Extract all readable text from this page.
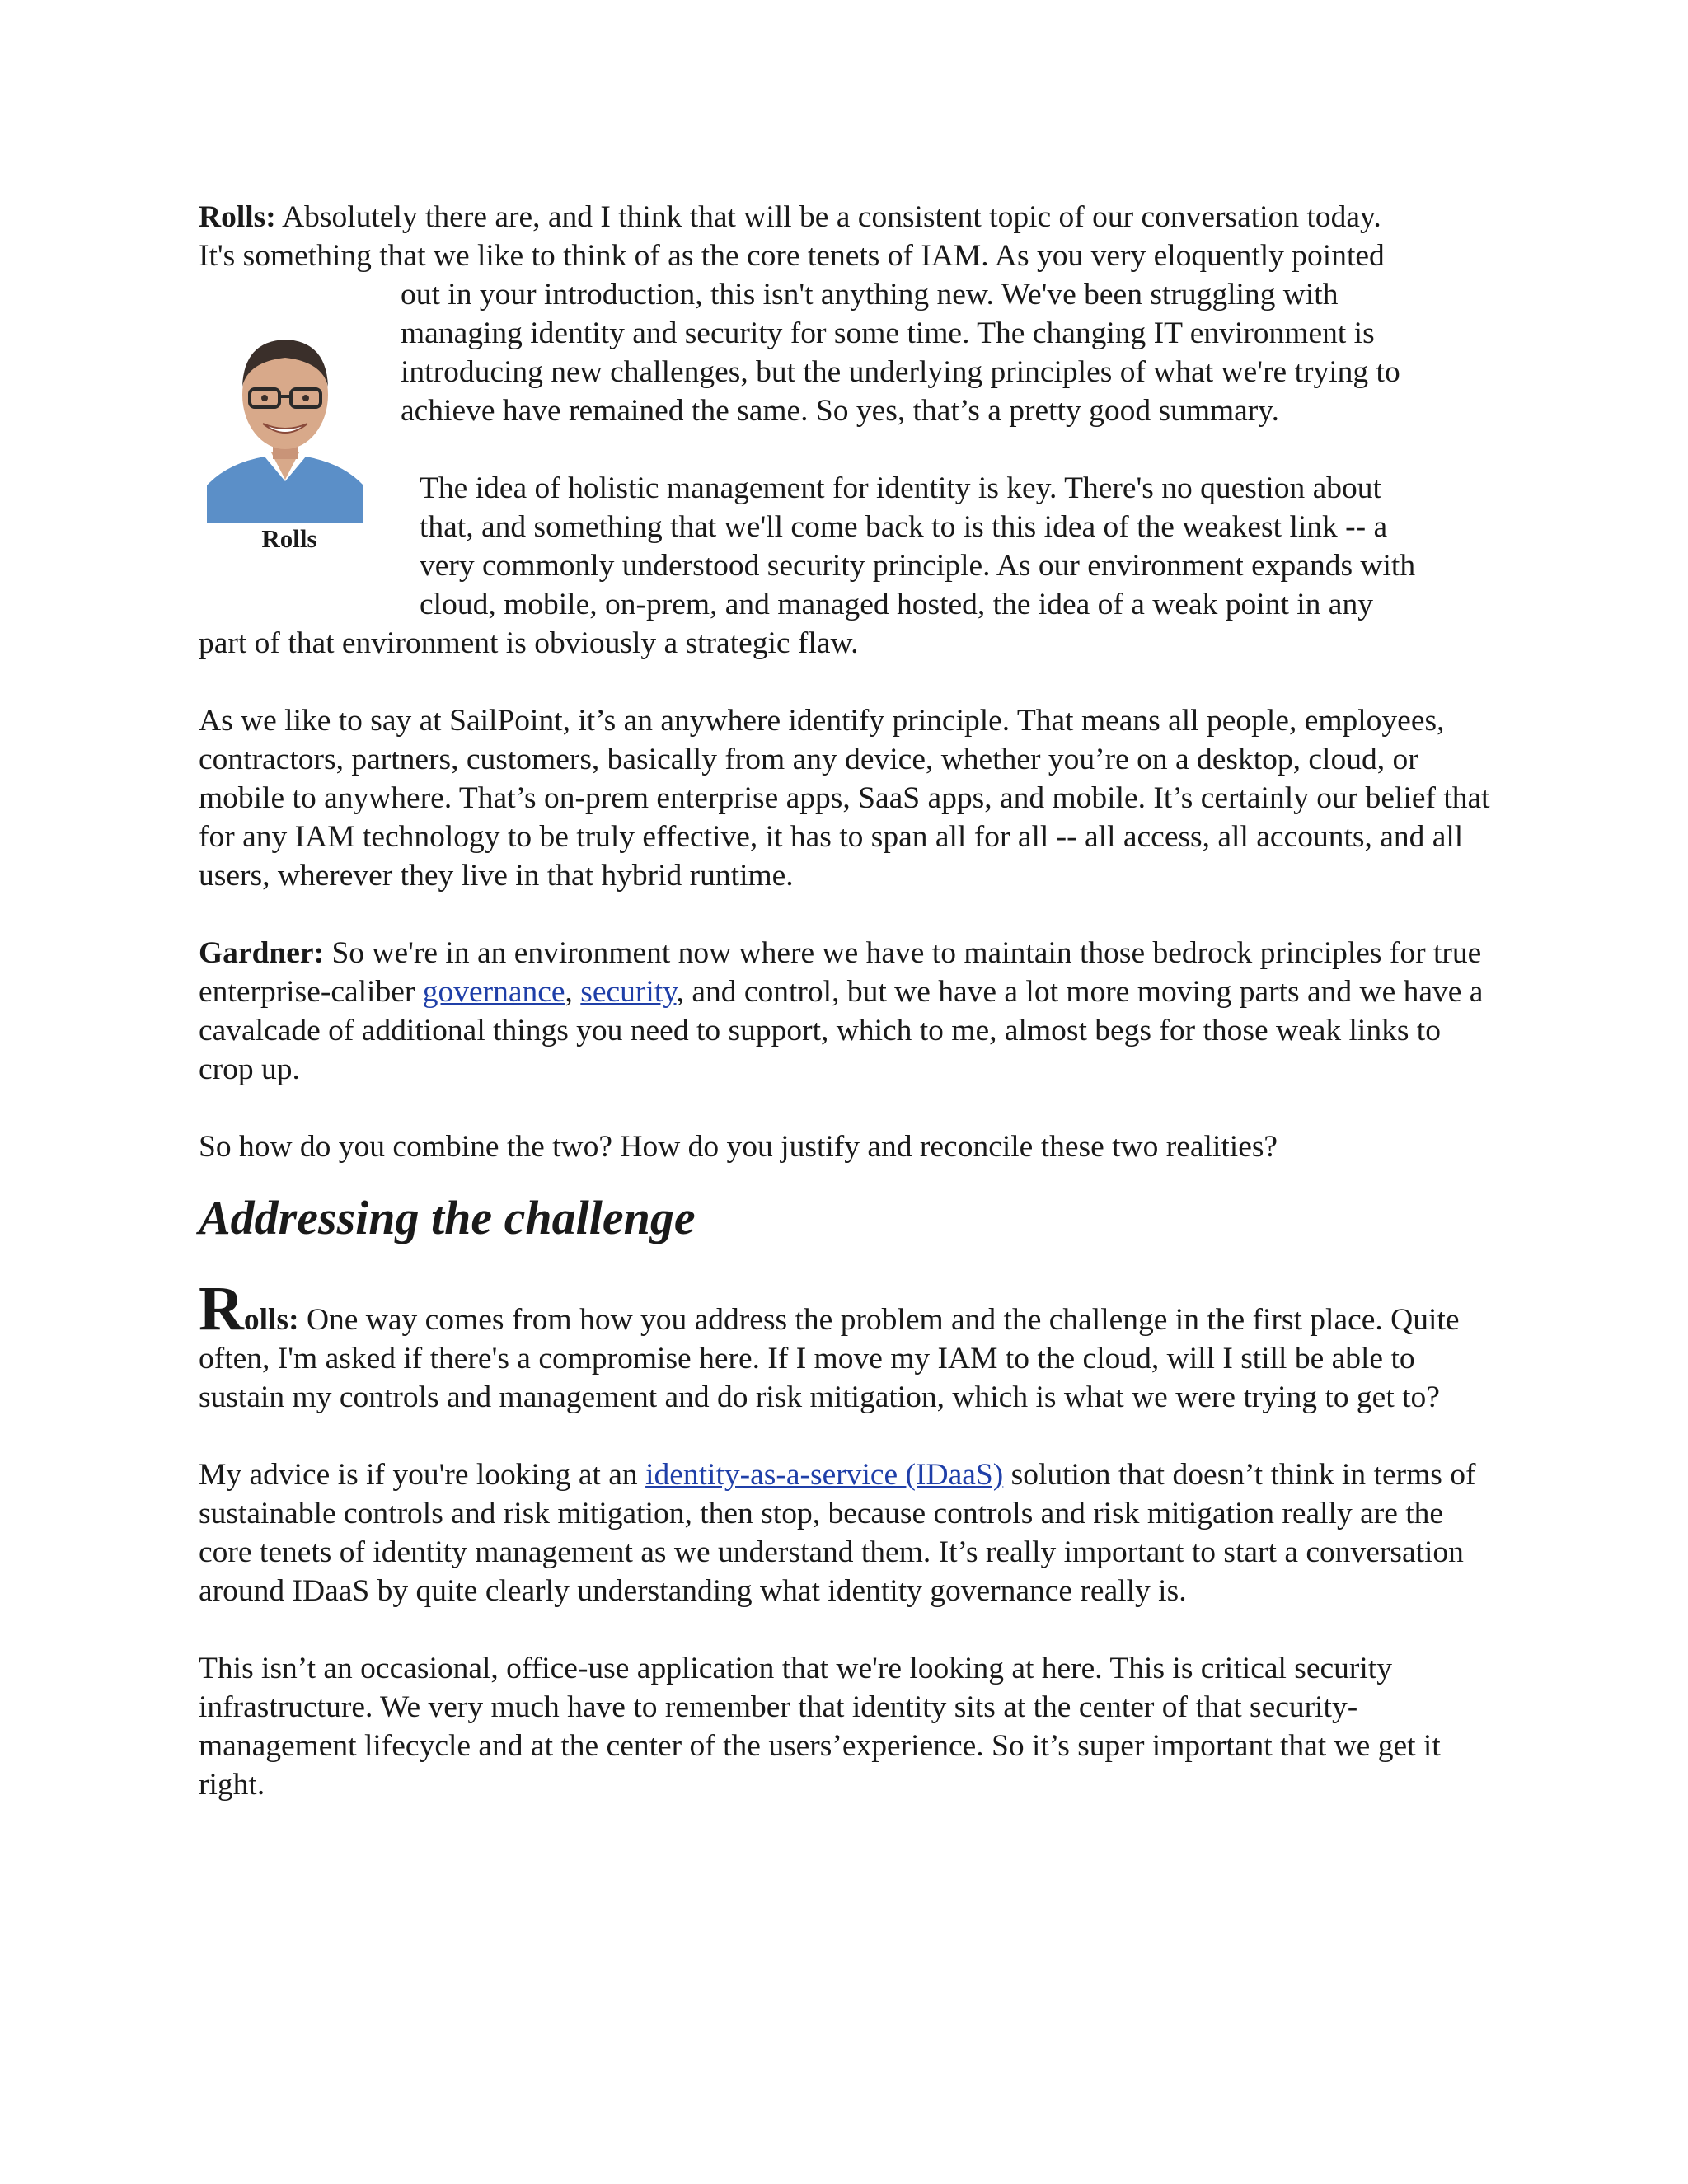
Rolls

Rolls: Absolutely there are, and I think that will be a consistent topic of our conversation today.
It's something that we like to think of as the core tenets of IAM. As you very eloquently pointed

out in your introduction, this isn't anything new. We've been struggling with

managing identity and security for some time. The changing IT environment is

introducing new challenges, but the underlying principles of what we're trying to

achieve have remained the same. So yes, that’s a pretty good summary.

The idea of holistic management for identity is key. There's no question about

that, and something that we'll come back to is this idea of the weakest link -- a

very commonly understood security principle. As our environment expands with

cloud, mobile, on-prem, and managed hosted, the idea of a weak point in any

part of that environment is obviously a strategic flaw.

As we like to say at SailPoint, it’s an anywhere identify principle. That means all people, employees, contractors, partners, customers, basically from any device, whether you’re on a desktop, cloud, or mobile to anywhere. That’s on-prem enterprise apps, SaaS apps, and mobile. It’s certainly our belief that for any IAM technology to be truly effective, it has to span all for all -- all access, all accounts, and all users, wherever they live in that hybrid runtime.

Gardner: So we're in an environment now where we have to maintain those bedrock principles for true enterprise-caliber governance, security, and control, but we have a lot more moving parts and we have a cavalcade of additional things you need to support, which to me, almost begs for those weak links to crop up.

So how do you combine the two? How do you justify and reconcile these two realities?

Addressing the challenge

Rolls: One way comes from how you address the problem and the challenge in the first place. Quite often, I'm asked if there's a compromise here. If I move my IAM to the cloud, will I still be able to sustain my controls and management and do risk mitigation, which is what we were trying to get to?

My advice is if you're looking at an identity-as-a-service (IDaaS) solution that doesn’t think in terms of sustainable controls and risk mitigation, then stop, because controls and risk mitigation really are the core tenets of identity management as we understand them. It’s really important to start a conversation around IDaaS by quite clearly understanding what identity governance really is.

This isn’t an occasional, office-use application that we're looking at here. This is critical security infrastructure. We very much have to remember that identity sits at the center of that security-management lifecycle and at the center of the users’experience. So it’s super important that we get it right.
